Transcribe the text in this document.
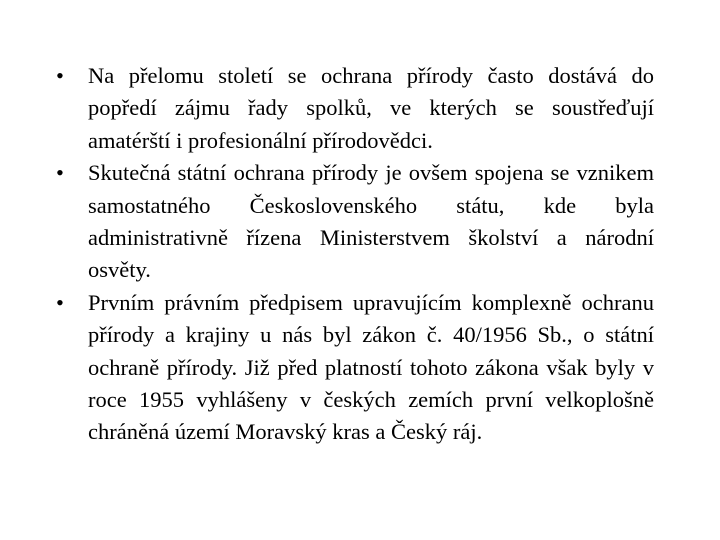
•	Na přelomu století se ochrana přírody často dostává do popředí zájmu řady spolků, ve kterých se soustřeďují amatérští i profesionální přírodovědci.
•	Skutečná státní ochrana přírody je ovšem spojena se vznikem samostatného Československého státu, kde byla administrativně řízena Ministerstvem školství a národní osvěty.
•	Prvním právním předpisem upravujícím komplexně ochranu přírody a krajiny u nás byl zákon č. 40/1956 Sb., o státní ochraně přírody. Již před platností tohoto zákona však byly v roce 1955 vyhlášeny v českých zemích první velkoplošně chráněná území Moravský kras a Český ráj.
